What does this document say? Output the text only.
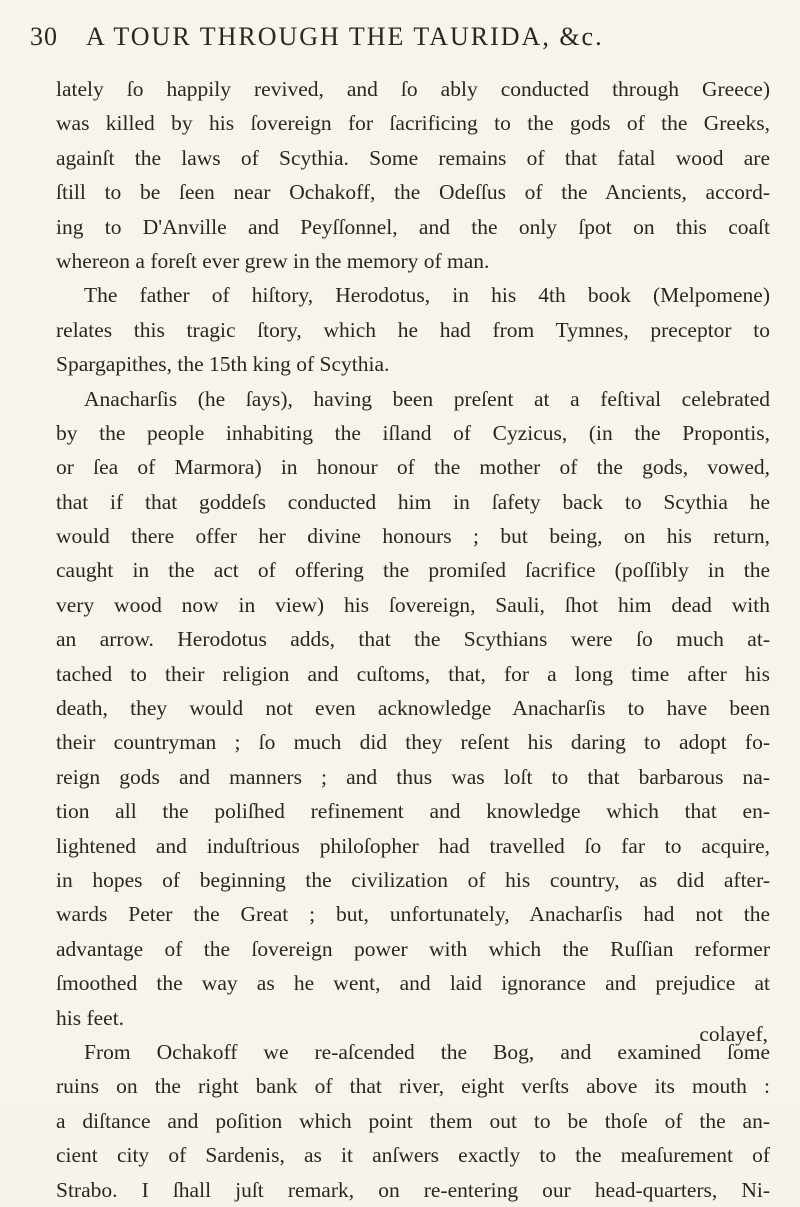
30 A TOUR THROUGH THE TAURIDA, &c.
lately ſo happily revived, and ſo ably conducted through Greece)
was killed by his ſovereign for ſacrificing to the gods of the Greeks,
againſt the laws of Scythia. Some remains of that fatal wood are
ſtill to be ſeen near Ochakoff, the Odeſſus of the Ancients, accord-
ing to D'Anville and Peyſſonnel, and the only ſpot on this coaſt
whereon a foreſt ever grew in the memory of man.
The father of hiſtory, Herodotus, in his 4th book (Melpomene)
relates this tragic ſtory, which he had from Tymnes, preceptor to
Spargapithes, the 15th king of Scythia.
Anacharſis (he ſays), having been preſent at a feſtival celebrated
by the people inhabiting the iſland of Cyzicus, (in the Propontis,
or ſea of Marmora) in honour of the mother of the gods, vowed,
that if that goddeſs conducted him in ſafety back to Scythia he
would there offer her divine honours ; but being, on his return,
caught in the act of offering the promiſed ſacrifice (poſſibly in the
very wood now in view) his ſovereign, Sauli, ſhot him dead with
an arrow. Herodotus adds, that the Scythians were ſo much at-
tached to their religion and cuſtoms, that, for a long time after his
death, they would not even acknowledge Anacharſis to have been
their countryman ; ſo much did they reſent his daring to adopt fo-
reign gods and manners ; and thus was loſt to that barbarous na-
tion all the poliſhed refinement and knowledge which that en-
lightened and induſtrious philoſopher had travelled ſo far to acquire,
in hopes of beginning the civilization of his country, as did after-
wards Peter the Great ; but, unfortunately, Anacharſis had not the
advantage of the ſovereign power with which the Ruſſian reformer
ſmoothed the way as he went, and laid ignorance and prejudice at
his feet.
From Ochakoff we re-aſcended the Bog, and examined ſome
ruins on the right bank of that river, eight verſts above its mouth :
a diſtance and poſition which point them out to be thoſe of the an-
cient city of Sardenis, as it anſwers exactly to the meaſurement of
Strabo. I ſhall juſt remark, on re-entering our head-quarters, Ni-
colayef,
